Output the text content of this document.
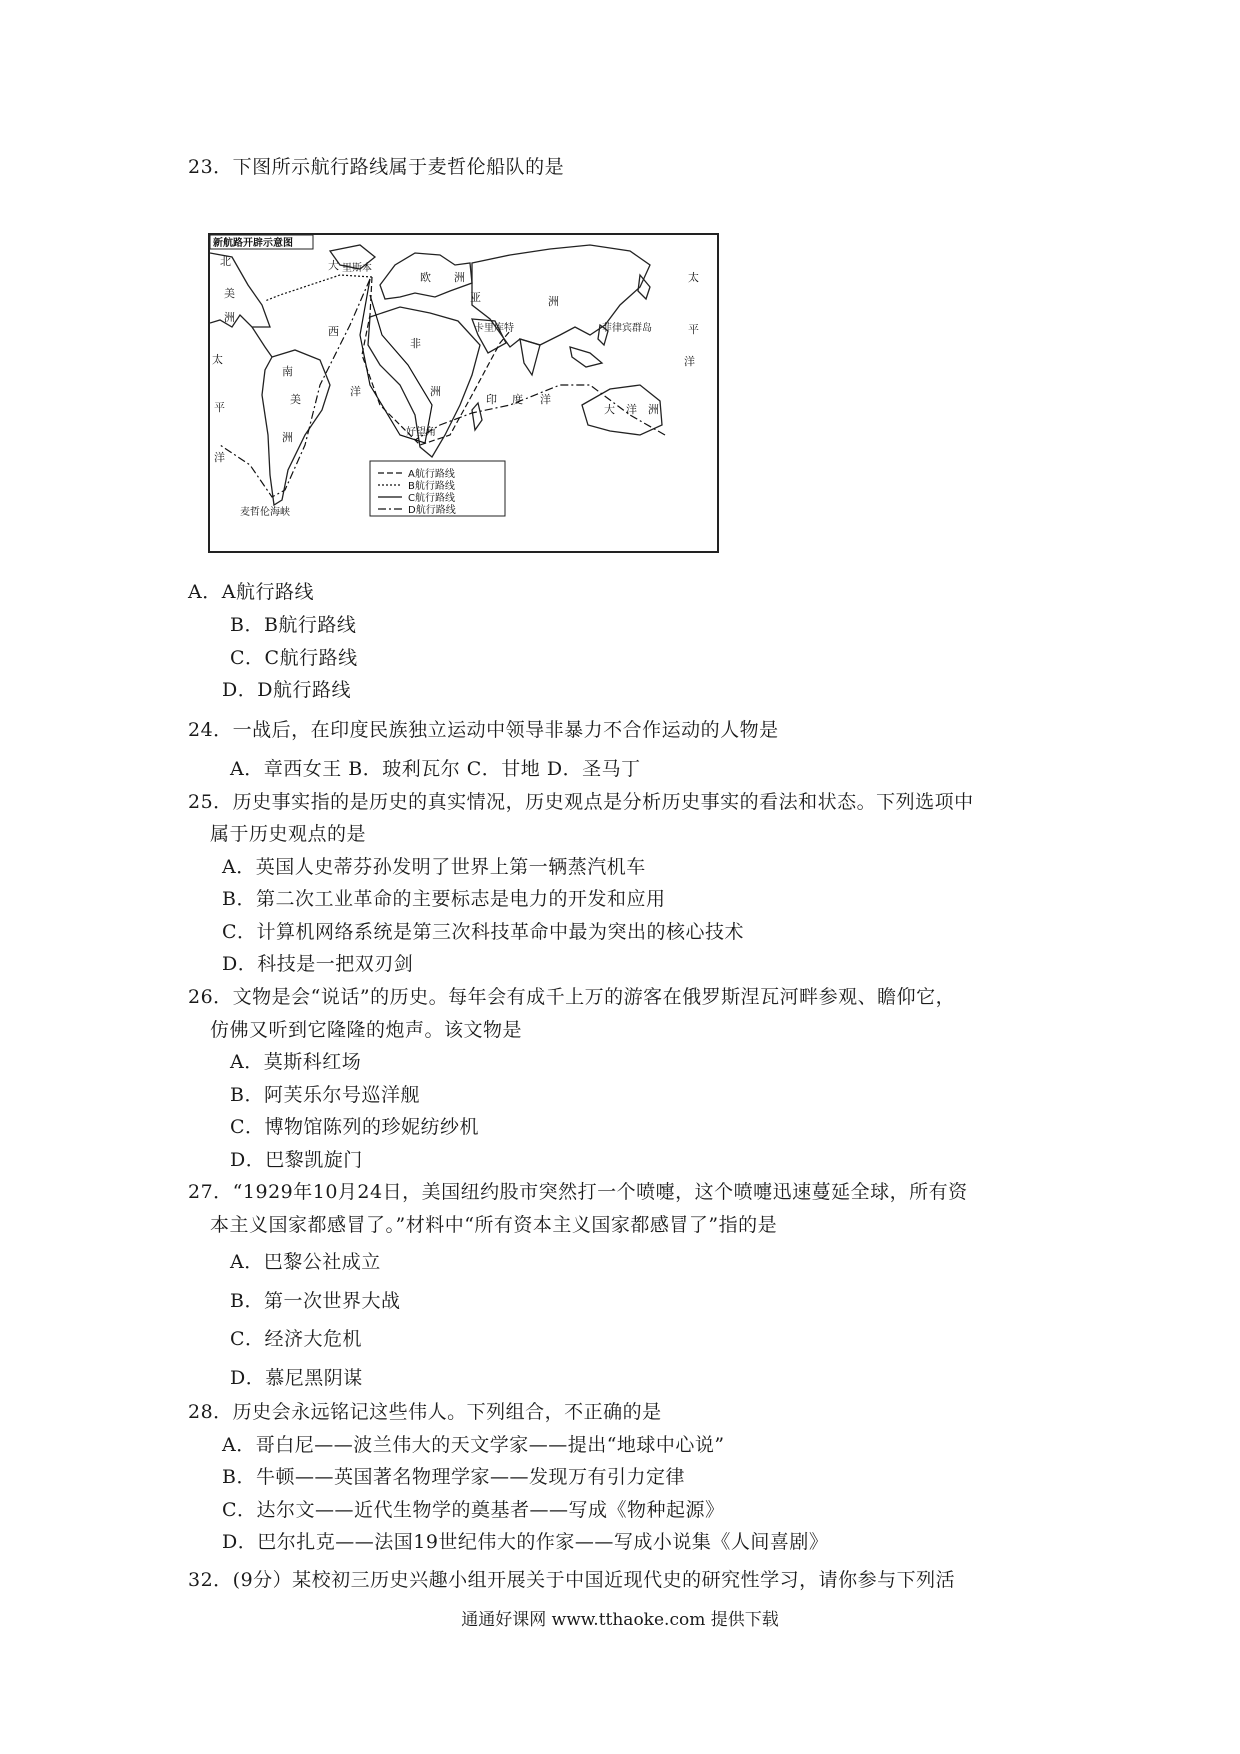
23．下图所示航行路线属于麦哲伦船队的是
新航路开辟示意图
北
美
洲
太
平
洋
大
西
洋
南
美
洲
欧 洲
亚
非
洲
洲
印 度 洋
太
平
洋
大 洋 洲
里斯本
卡里库特	菲律宾群岛
好望角
麦哲伦海峡
A航行路线
B航行路线
C航行路线
D航行路线
A．A航行路线
B．B航行路线
C．C航行路线
D．D航行路线
24．一战后，在印度民族独立运动中领导非暴力不合作运动的人物是
A．章西女王 B．玻利瓦尔 C．甘地 D．圣马丁
25．历史事实指的是历史的真实情况，历史观点是分析历史事实的看法和状态。下列选项中
属于历史观点的是
A．英国人史蒂芬孙发明了世界上第一辆蒸汽机车
B．第二次工业革命的主要标志是电力的开发和应用
C．计算机网络系统是第三次科技革命中最为突出的核心技术
D．科技是一把双刃剑
26．文物是会“说话”的历史。每年会有成千上万的游客在俄罗斯涅瓦河畔参观、瞻仰它，
仿佛又听到它隆隆的炮声。该文物是
A．莫斯科红场
B．阿芙乐尔号巡洋舰
C．博物馆陈列的珍妮纺纱机
D．巴黎凯旋门
27．“1929年10月24日，美国纽约股市突然打一个喷嚏，这个喷嚏迅速蔓延全球，所有资
本主义国家都感冒了。”材料中“所有资本主义国家都感冒了”指的是
A．巴黎公社成立
B．第一次世界大战
C．经济大危机
D．慕尼黑阴谋
28．历史会永远铭记这些伟人。下列组合，不正确的是
A．哥白尼——波兰伟大的天文学家——提出“地球中心说”
B．牛顿——英国著名物理学家——发现万有引力定律
C．达尔文——近代生物学的奠基者——写成《物种起源》
D．巴尔扎克——法国19世纪伟大的作家——写成小说集《人间喜剧》
32．(9分）某校初三历史兴趣小组开展关于中国近现代史的研究性学习，请你参与下列活
通通好课网 www.tthaoke.com 提供下载
